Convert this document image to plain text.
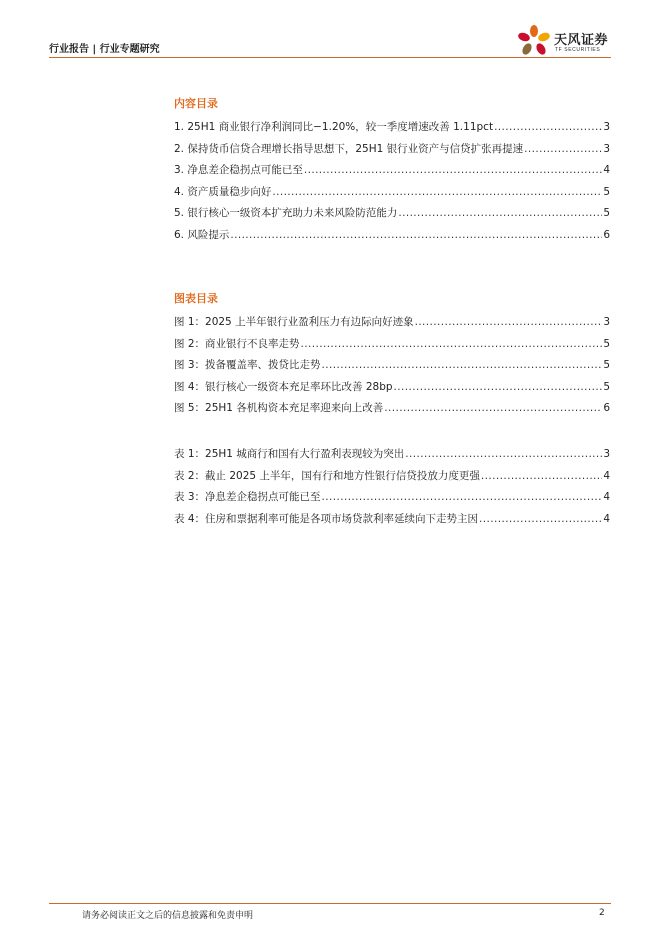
行业报告 | 行业专题研究
天风证券
TF SECURITIES
内容目录
1. 25H1 商业银行净利润同比−1.20%，较一季度增速改善 1.11pct .....	3
2. 保持货币信贷合理增长指导思想下，25H1 银行业资产与信贷扩张再提速 .....	3
3. 净息差企稳拐点可能已至 .....	4
4. 资产质量稳步向好 .....	5
5. 银行核心一级资本扩充助力未来风险防范能力 .....	5
6. 风险提示 .....	6
图表目录
图 1：2025 上半年银行业盈利压力有边际向好迹象 .....	3
图 2：商业银行不良率走势 .....	5
图 3：拨备覆盖率、拨贷比走势 .....	5
图 4：银行核心一级资本充足率环比改善 28bp .....	5
图 5：25H1 各机构资本充足率迎来向上改善 .....	6
表 1：25H1 城商行和国有大行盈利表现较为突出 .....	3
表 2：截止 2025 上半年，国有行和地方性银行信贷投放力度更强 .....	4
表 3：净息差企稳拐点可能已至 .....	4
表 4：住房和票据利率可能是各项市场贷款利率延续向下走势主因 .....	4
请务必阅读正文之后的信息披露和免责申明	2
